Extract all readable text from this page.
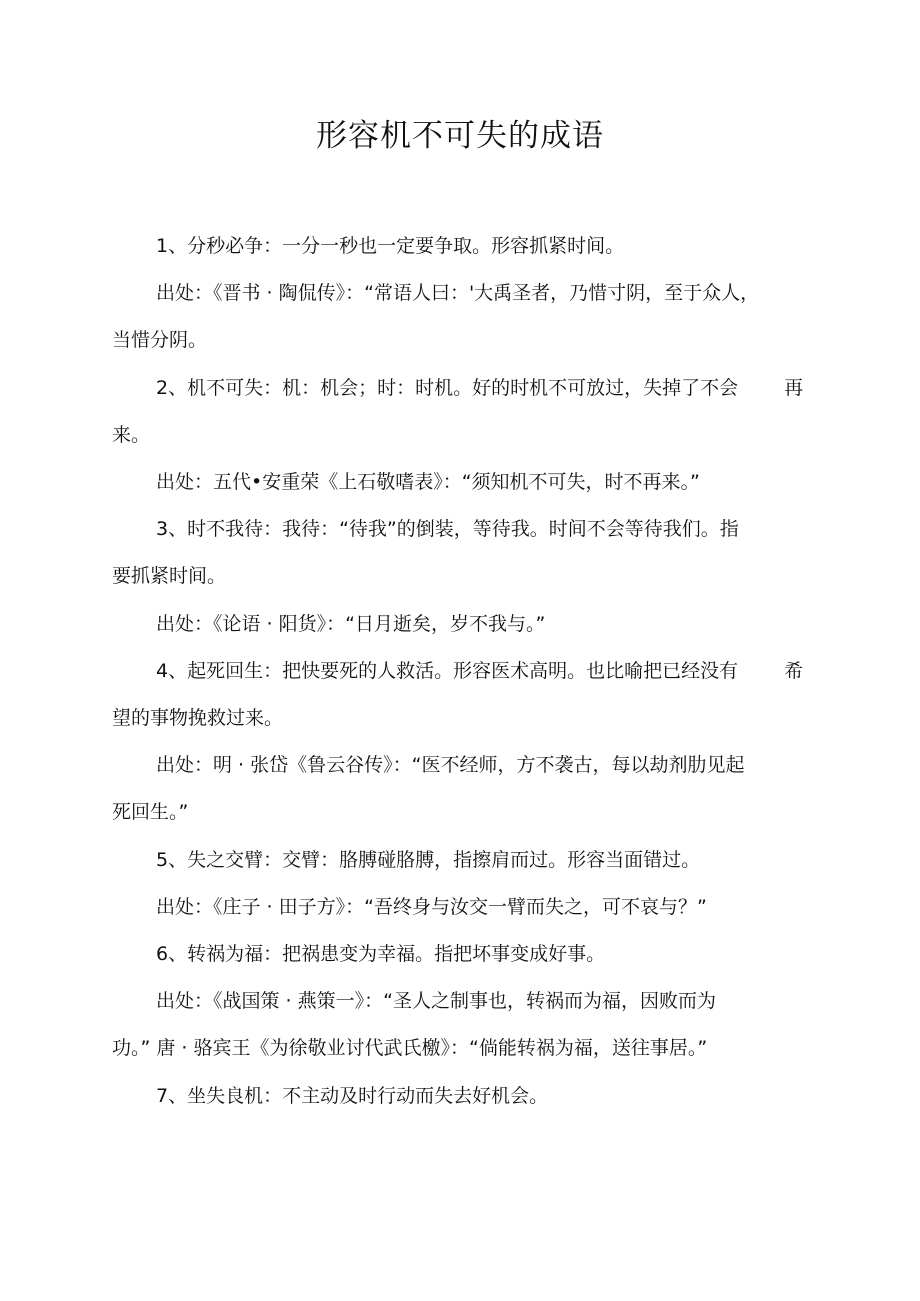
形容机不可失的成语

1、分秒必争：一分一秒也一定要争取。形容抓紧时间。

出处：《晋书 · 陶侃传》：“常语人曰：'大禹圣者，乃惜寸阴，至于众人，

当惜分阴。

2、机不可失：机：机会；时：时机。好的时机不可放过，失掉了不会 再

来。

出处：五代•安重荣《上石敬嗜表》：“须知机不可失，时不再来。”

3、时不我待：我待：“待我”的倒装，等待我。时间不会等待我们。指

要抓紧时间。

出处：《论语 · 阳货》：“日月逝矣，岁不我与。”

4、起死回生：把快要死的人救活。形容医术高明。也比喻把已经没有 希

望的事物挽救过来。

出处：明 · 张岱《鲁云谷传》：“医不经师，方不袭古，每以劫剂肋见起

死回生。”

5、失之交臂：交臂：胳膊碰胳膊，指擦肩而过。形容当面错过。

出处：《庄子 · 田子方》：“吾终身与汝交一臂而失之，可不哀与？”

6、转祸为福：把祸患变为幸福。指把坏事变成好事。

出处：《战国策 · 燕策一》：“圣人之制事也，转祸而为福，因败而为

功。” 唐 · 骆宾王《为徐敬业讨代武氏檄》：“倘能转祸为福，送往事居。”

7、坐失良机：不主动及时行动而失去好机会。
